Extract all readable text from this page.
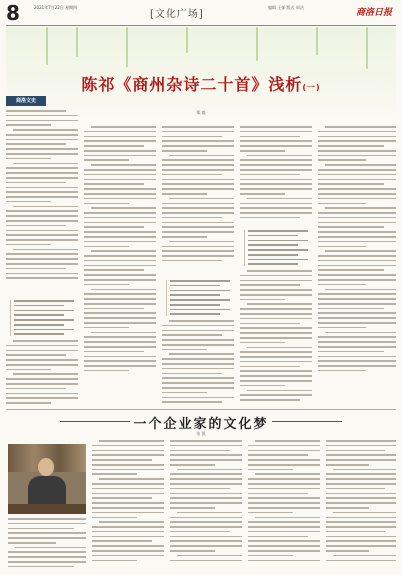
8	2021年7月22日 星期四
[文化广场]
编辑 王郁 版式 周洁
商洛日报
陈祁《商州杂诗二十首》浅析(一)
郑 毅
商洛文史
一个企业家的文化梦
张 凯
